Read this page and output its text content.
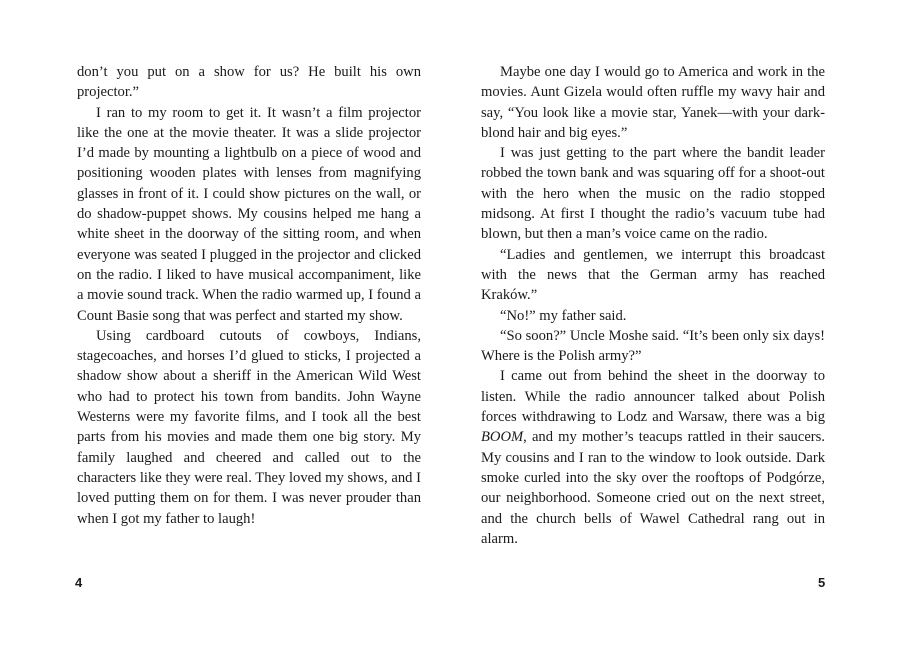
don’t you put on a show for us? He built his own projector.”

I ran to my room to get it. It wasn’t a film projector like the one at the movie theater. It was a slide projector I’d made by mounting a lightbulb on a piece of wood and positioning wooden plates with lenses from magnifying glasses in front of it. I could show pictures on the wall, or do shadow-puppet shows. My cousins helped me hang a white sheet in the doorway of the sitting room, and when everyone was seated I plugged in the projector and clicked on the radio. I liked to have musical accompaniment, like a movie sound track. When the radio warmed up, I found a Count Basie song that was perfect and started my show.

Using cardboard cutouts of cowboys, Indians, stagecoaches, and horses I’d glued to sticks, I projected a shadow show about a sheriff in the American Wild West who had to protect his town from bandits. John Wayne Westerns were my favorite films, and I took all the best parts from his movies and made them one big story. My family laughed and cheered and called out to the characters like they were real. They loved my shows, and I loved putting them on for them. I was never prouder than when I got my father to laugh!

4

Maybe one day I would go to America and work in the movies. Aunt Gizela would often ruffle my wavy hair and say, “You look like a movie star, Yanek—with your dark-blond hair and big eyes.”

I was just getting to the part where the bandit leader robbed the town bank and was squaring off for a shoot-out with the hero when the music on the radio stopped midsong. At first I thought the radio’s vacuum tube had blown, but then a man’s voice came on the radio.

“Ladies and gentlemen, we interrupt this broadcast with the news that the German army has reached Kraków.”

“No!” my father said.

“So soon?” Uncle Moshe said. “It’s been only six days! Where is the Polish army?”

I came out from behind the sheet in the doorway to listen. While the radio announcer talked about Polish forces withdrawing to Lodz and Warsaw, there was a big BOOM, and my mother’s teacups rattled in their saucers. My cousins and I ran to the window to look outside. Dark smoke curled into the sky over the rooftops of Podgórze, our neighborhood. Someone cried out on the next street, and the church bells of Wawel Cathedral rang out in alarm.

5
